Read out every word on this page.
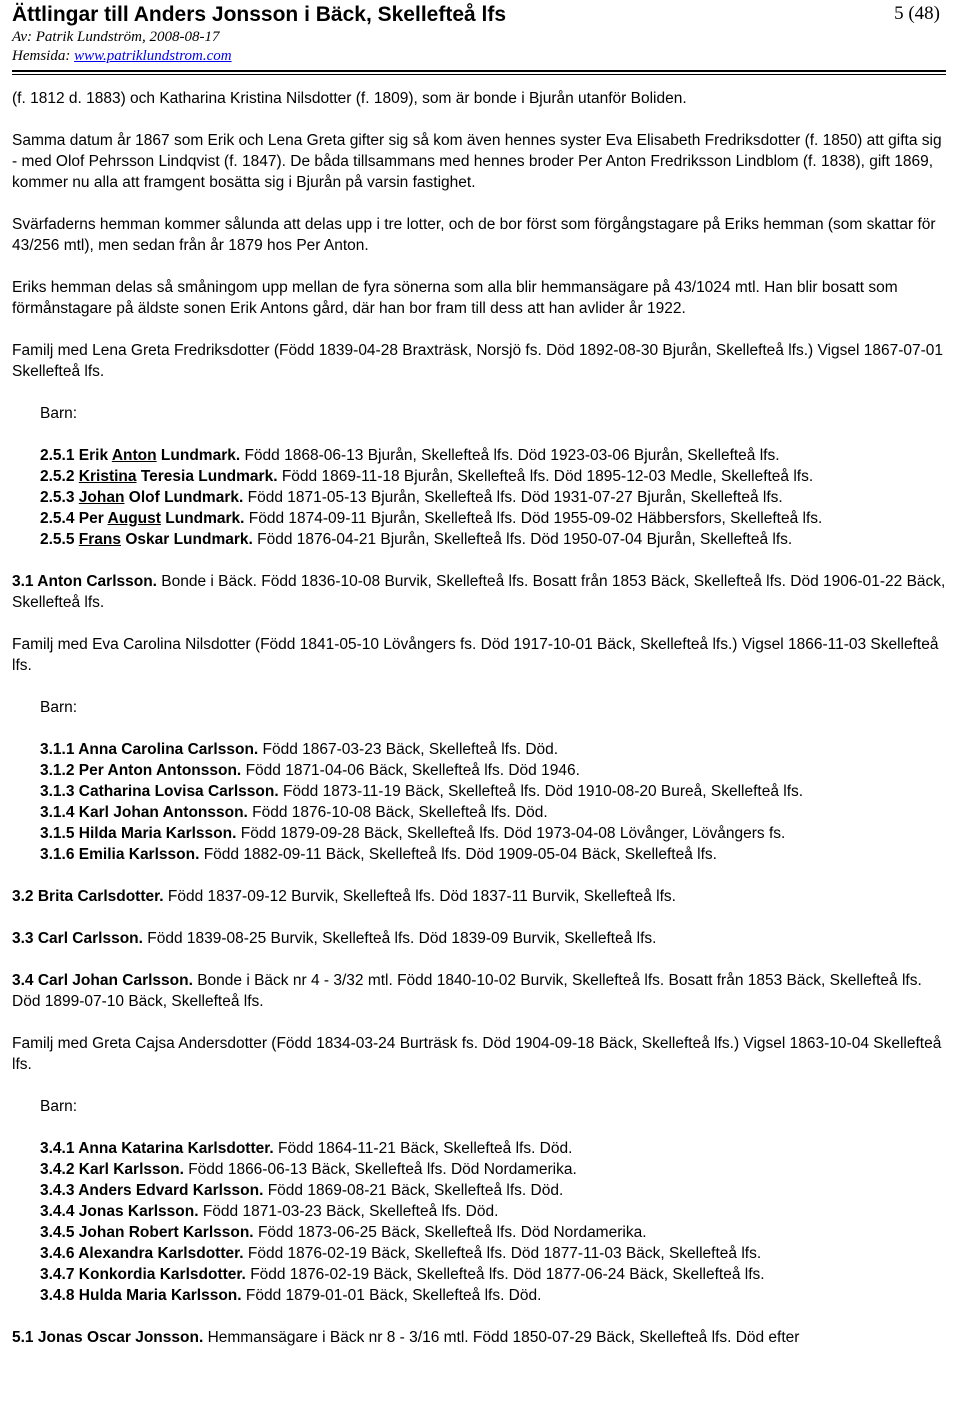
Ättlingar till Anders Jonsson i Bäck, Skellefteå lfs	5 (48)
Av: Patrik Lundström, 2008-08-17
Hemsida: www.patriklundstrom.com

(f. 1812 d. 1883) och Katharina Kristina Nilsdotter (f. 1809), som är bonde i Bjurån utanför Boliden.

Samma datum år 1867 som Erik och Lena Greta gifter sig så kom även hennes syster Eva Elisabeth Fredriksdotter (f. 1850) att gifta sig - med Olof Pehrsson Lindqvist (f. 1847). De båda tillsammans med hennes broder Per Anton Fredriksson Lindblom (f. 1838), gift 1869, kommer nu alla att framgent bosätta sig i Bjurån på varsin fastighet.

Svärfaderns hemman kommer sålunda att delas upp i tre lotter, och de bor först som förgångstagare på Eriks hemman (som skattar för 43/256 mtl), men sedan från år 1879 hos Per Anton.

Eriks hemman delas så småningom upp mellan de fyra sönerna som alla blir hemmansägare på 43/1024 mtl. Han blir bosatt som förmånstagare på äldste sonen Erik Antons gård, där han bor fram till dess att han avlider år 1922.

Familj med Lena Greta Fredriksdotter (Född 1839-04-28 Braxträsk, Norsjö fs. Död 1892-08-30 Bjurån, Skellefteå lfs.) Vigsel 1867-07-01 Skellefteå lfs.

Barn:

2.5.1 Erik Anton Lundmark. Född 1868-06-13 Bjurån, Skellefteå lfs. Död 1923-03-06 Bjurån, Skellefteå lfs.

2.5.2 Kristina Teresia Lundmark. Född 1869-11-18 Bjurån, Skellefteå lfs. Död 1895-12-03 Medle, Skellefteå lfs.

2.5.3 Johan Olof Lundmark. Född 1871-05-13 Bjurån, Skellefteå lfs. Död 1931-07-27 Bjurån, Skellefteå lfs.

2.5.4 Per August Lundmark. Född 1874-09-11 Bjurån, Skellefteå lfs. Död 1955-09-02 Häbbersfors, Skellefteå lfs.

2.5.5 Frans Oskar Lundmark. Född 1876-04-21 Bjurån, Skellefteå lfs. Död 1950-07-04 Bjurån, Skellefteå lfs.

3.1 Anton Carlsson. Bonde i Bäck. Född 1836-10-08 Burvik, Skellefteå lfs. Bosatt från 1853 Bäck, Skellefteå lfs. Död 1906-01-22 Bäck, Skellefteå lfs.

Familj med Eva Carolina Nilsdotter (Född 1841-05-10 Lövångers fs. Död 1917-10-01 Bäck, Skellefteå lfs.) Vigsel 1866-11-03 Skellefteå lfs.

Barn:

3.1.1 Anna Carolina Carlsson. Född 1867-03-23 Bäck, Skellefteå lfs. Död.

3.1.2 Per Anton Antonsson. Född 1871-04-06 Bäck, Skellefteå lfs. Död 1946.

3.1.3 Catharina Lovisa Carlsson. Född 1873-11-19 Bäck, Skellefteå lfs. Död 1910-08-20 Bureå, Skellefteå lfs.

3.1.4 Karl Johan Antonsson. Född 1876-10-08 Bäck, Skellefteå lfs. Död.

3.1.5 Hilda Maria Karlsson. Född 1879-09-28 Bäck, Skellefteå lfs. Död 1973-04-08 Lövånger, Lövångers fs.

3.1.6 Emilia Karlsson. Född 1882-09-11 Bäck, Skellefteå lfs. Död 1909-05-04 Bäck, Skellefteå lfs.

3.2 Brita Carlsdotter. Född 1837-09-12 Burvik, Skellefteå lfs. Död 1837-11 Burvik, Skellefteå lfs.

3.3 Carl Carlsson. Född 1839-08-25 Burvik, Skellefteå lfs. Död 1839-09 Burvik, Skellefteå lfs.

3.4 Carl Johan Carlsson. Bonde i Bäck nr 4 - 3/32 mtl. Född 1840-10-02 Burvik, Skellefteå lfs. Bosatt från 1853 Bäck, Skellefteå lfs. Död 1899-07-10 Bäck, Skellefteå lfs.

Familj med Greta Cajsa Andersdotter (Född 1834-03-24 Burträsk fs. Död 1904-09-18 Bäck, Skellefteå lfs.) Vigsel 1863-10-04 Skellefteå lfs.

Barn:

3.4.1 Anna Katarina Karlsdotter. Född 1864-11-21 Bäck, Skellefteå lfs. Död.

3.4.2 Karl Karlsson. Född 1866-06-13 Bäck, Skellefteå lfs. Död Nordamerika.

3.4.3 Anders Edvard Karlsson. Född 1869-08-21 Bäck, Skellefteå lfs. Död.

3.4.4 Jonas Karlsson. Född 1871-03-23 Bäck, Skellefteå lfs. Död.

3.4.5 Johan Robert Karlsson. Född 1873-06-25 Bäck, Skellefteå lfs. Död Nordamerika.

3.4.6 Alexandra Karlsdotter. Född 1876-02-19 Bäck, Skellefteå lfs. Död 1877-11-03 Bäck, Skellefteå lfs.

3.4.7 Konkordia Karlsdotter. Född 1876-02-19 Bäck, Skellefteå lfs. Död 1877-06-24 Bäck, Skellefteå lfs.

3.4.8 Hulda Maria Karlsson. Född 1879-01-01 Bäck, Skellefteå lfs. Död.

5.1 Jonas Oscar Jonsson. Hemmansägare i Bäck nr 8 - 3/16 mtl. Född 1850-07-29 Bäck, Skellefteå lfs. Död efter
